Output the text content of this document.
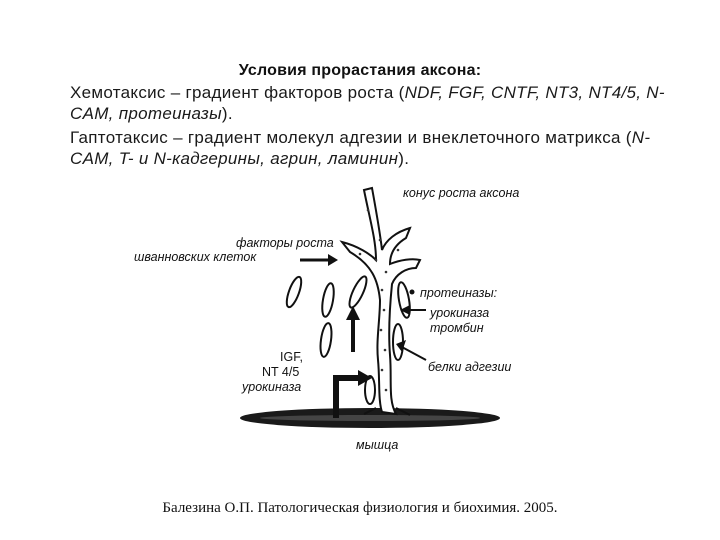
Условия прорастания аксона:
Хемотаксис – градиент факторов роста (NDF, FGF, CNTF, NT3, NT4/5, N-CAM, протеиназы).
Гаптотаксис – градиент молекул адгезии и внеклеточного матрикса (N-CAM, T- и N-кадгерины, агрин, ламинин).
конус роста аксона
факторы роста
шванновских клеток
протеиназы:
урокиназа
тромбин
белки адгезии
IGF,
NT 4/5
урокиназа
мышца
Балезина О.П. Патологическая физиология и биохимия. 2005.
